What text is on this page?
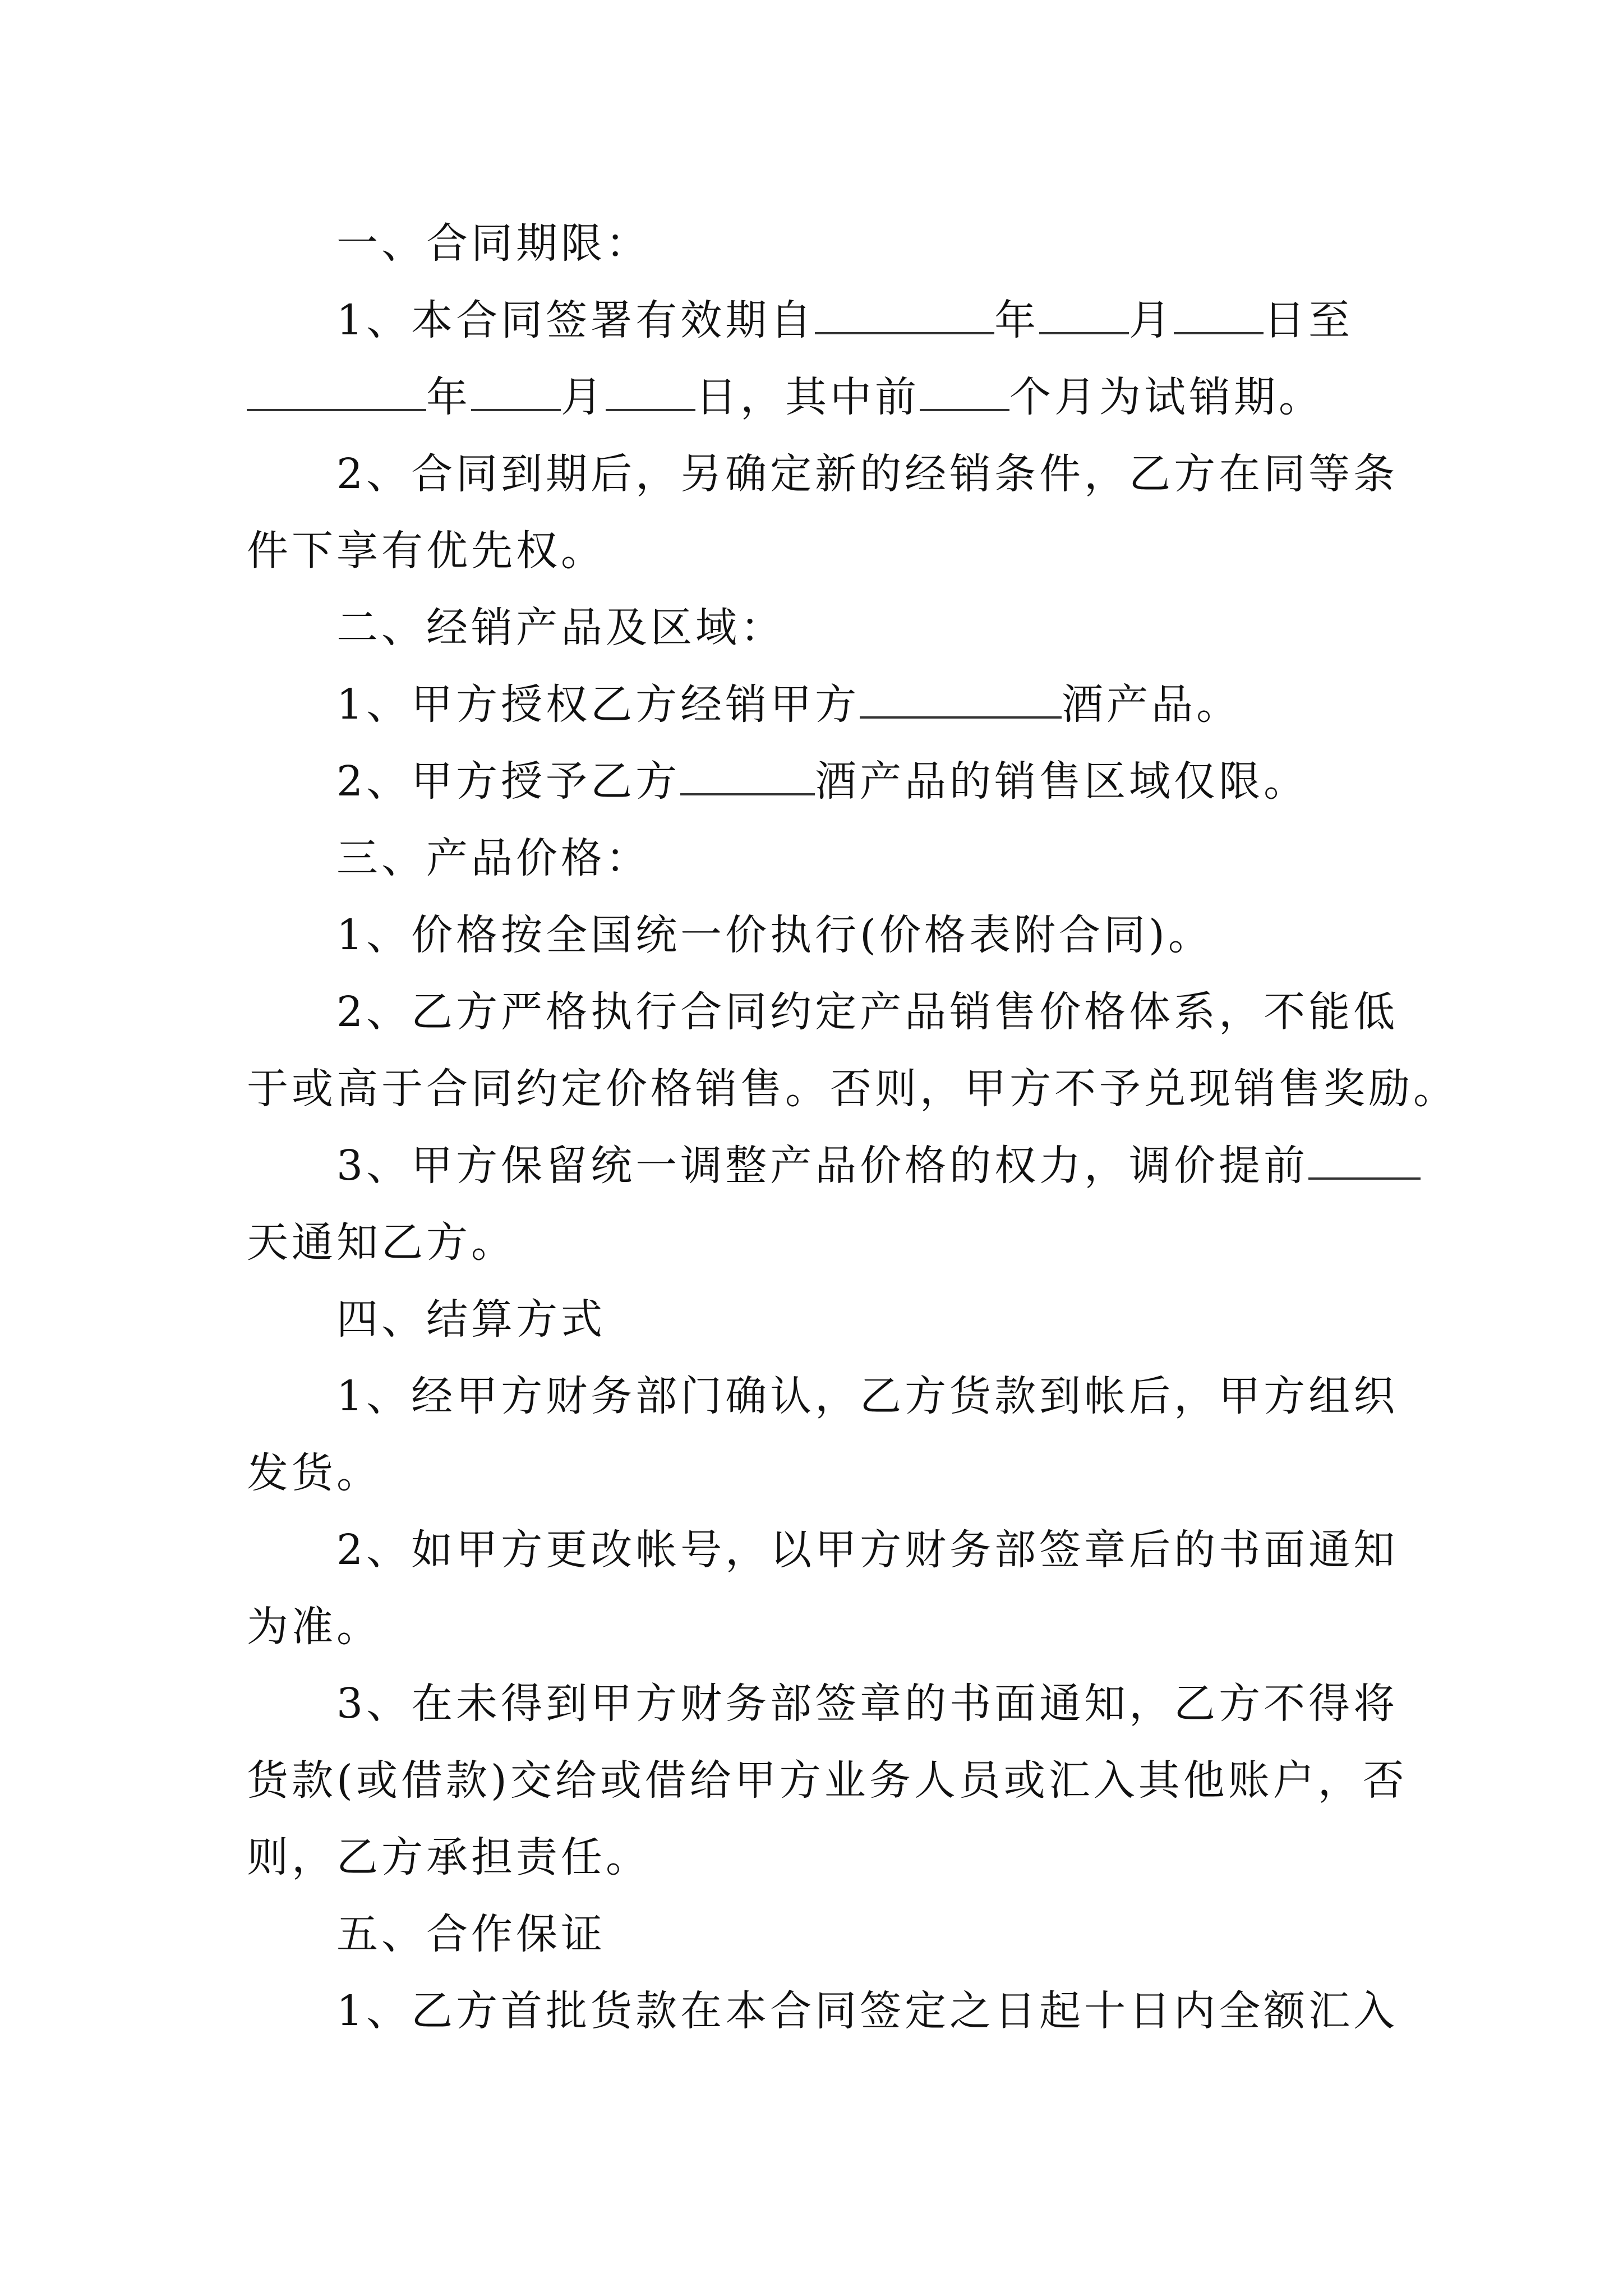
一、合同期限：
1、本合同签署有效期自	年 月 日至
年 月 日，其中前 个月为试销期。
2、合同到期后，另确定新的经销条件，乙方在同等条
件下享有优先权。
二、经销产品及区域：
1、甲方授权乙方经销甲方	酒产品。
2、甲方授予乙方	酒产品的销售区域仅限。
三、产品价格：
1、价格按全国统一价执行(价格表附合同)。
2、乙方严格执行合同约定产品销售价格体系，不能低
于或高于合同约定价格销售。否则，甲方不予兑现销售奖励。
3、甲方保留统一调整产品价格的权力，调价提前
天通知乙方。
四、结算方式
1、经甲方财务部门确认，乙方货款到帐后，甲方组织
发货。
2、如甲方更改帐号，以甲方财务部签章后的书面通知
为准。
3、在未得到甲方财务部签章的书面通知，乙方不得将
货款(或借款)交给或借给甲方业务人员或汇入其他账户，否
则，乙方承担责任。
五、合作保证
1、乙方首批货款在本合同签定之日起十日内全额汇入
